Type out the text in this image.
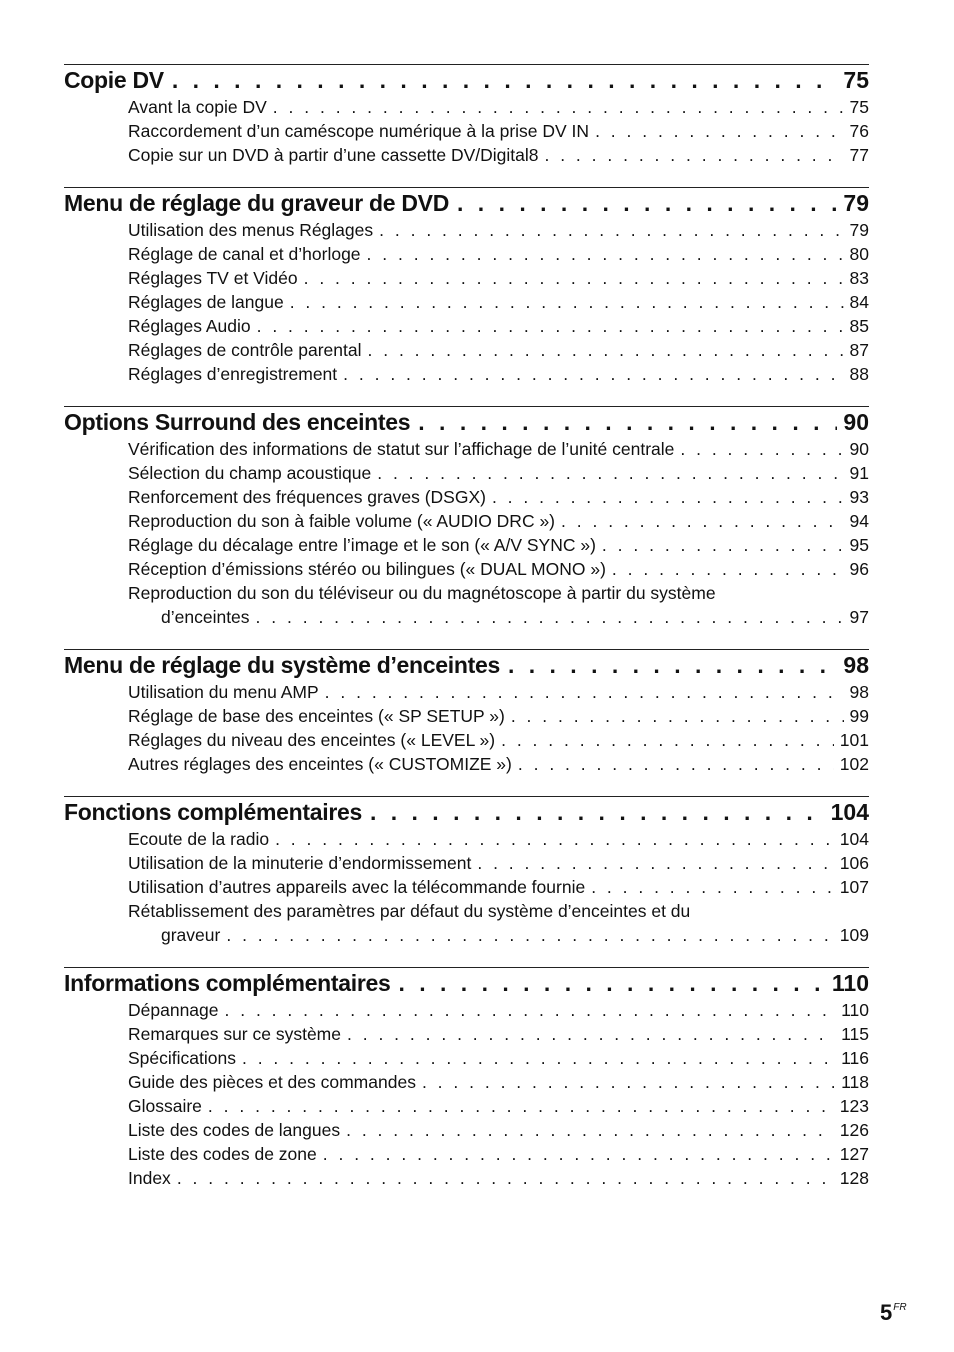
Copie DV . . .	75
Avant la copie DV . . .	75
Raccordement d’un caméscope numérique à la prise DV IN . . .	76
Copie sur un DVD à partir d’une cassette DV/Digital8 . . .	77
Menu de réglage du graveur de DVD . . .	79
Utilisation des menus Réglages . . .	79
Réglage de canal et d’horloge . . .	80
Réglages TV et Vidéo . . .	83
Réglages de langue . . .	84
Réglages Audio . . .	85
Réglages de contrôle parental . . .	87
Réglages d’enregistrement . . .	88
Options Surround des enceintes . . .	90
Vérification des informations de statut sur l’affichage de l’unité centrale . . .	90
Sélection du champ acoustique . . .	91
Renforcement des fréquences graves (DSGX) . . .	93
Reproduction du son à faible volume (« AUDIO DRC ») . . .	94
Réglage du décalage entre l’image et le son (« A/V SYNC ») . . .	95
Réception d’émissions stéréo ou bilingues (« DUAL MONO ») . . .	96
Reproduction du son du téléviseur ou du magnétoscope à partir du système
d’enceintes . . .	97
Menu de réglage du système d’enceintes . . .	98
Utilisation du menu AMP . . .	98
Réglage de base des enceintes (« SP SETUP ») . . .	99
Réglages du niveau des enceintes (« LEVEL ») . . .	101
Autres réglages des enceintes (« CUSTOMIZE ») . . .	102
Fonctions complémentaires . . .	104
Ecoute de la radio . . .	104
Utilisation de la minuterie d’endormissement . . .	106
Utilisation d’autres appareils avec la télécommande fournie . . .	107
Rétablissement des paramètres par défaut du système d’enceintes et du
graveur . . .	109
Informations complémentaires . . .	110
Dépannage . . .	110
Remarques sur ce système . . .	115
Spécifications . . .	116
Guide des pièces et des commandes . . .	118
Glossaire . . .	123
Liste des codes de langues . . .	126
Liste des codes de zone . . .	127
Index . . .	128
$5^{FR}$
